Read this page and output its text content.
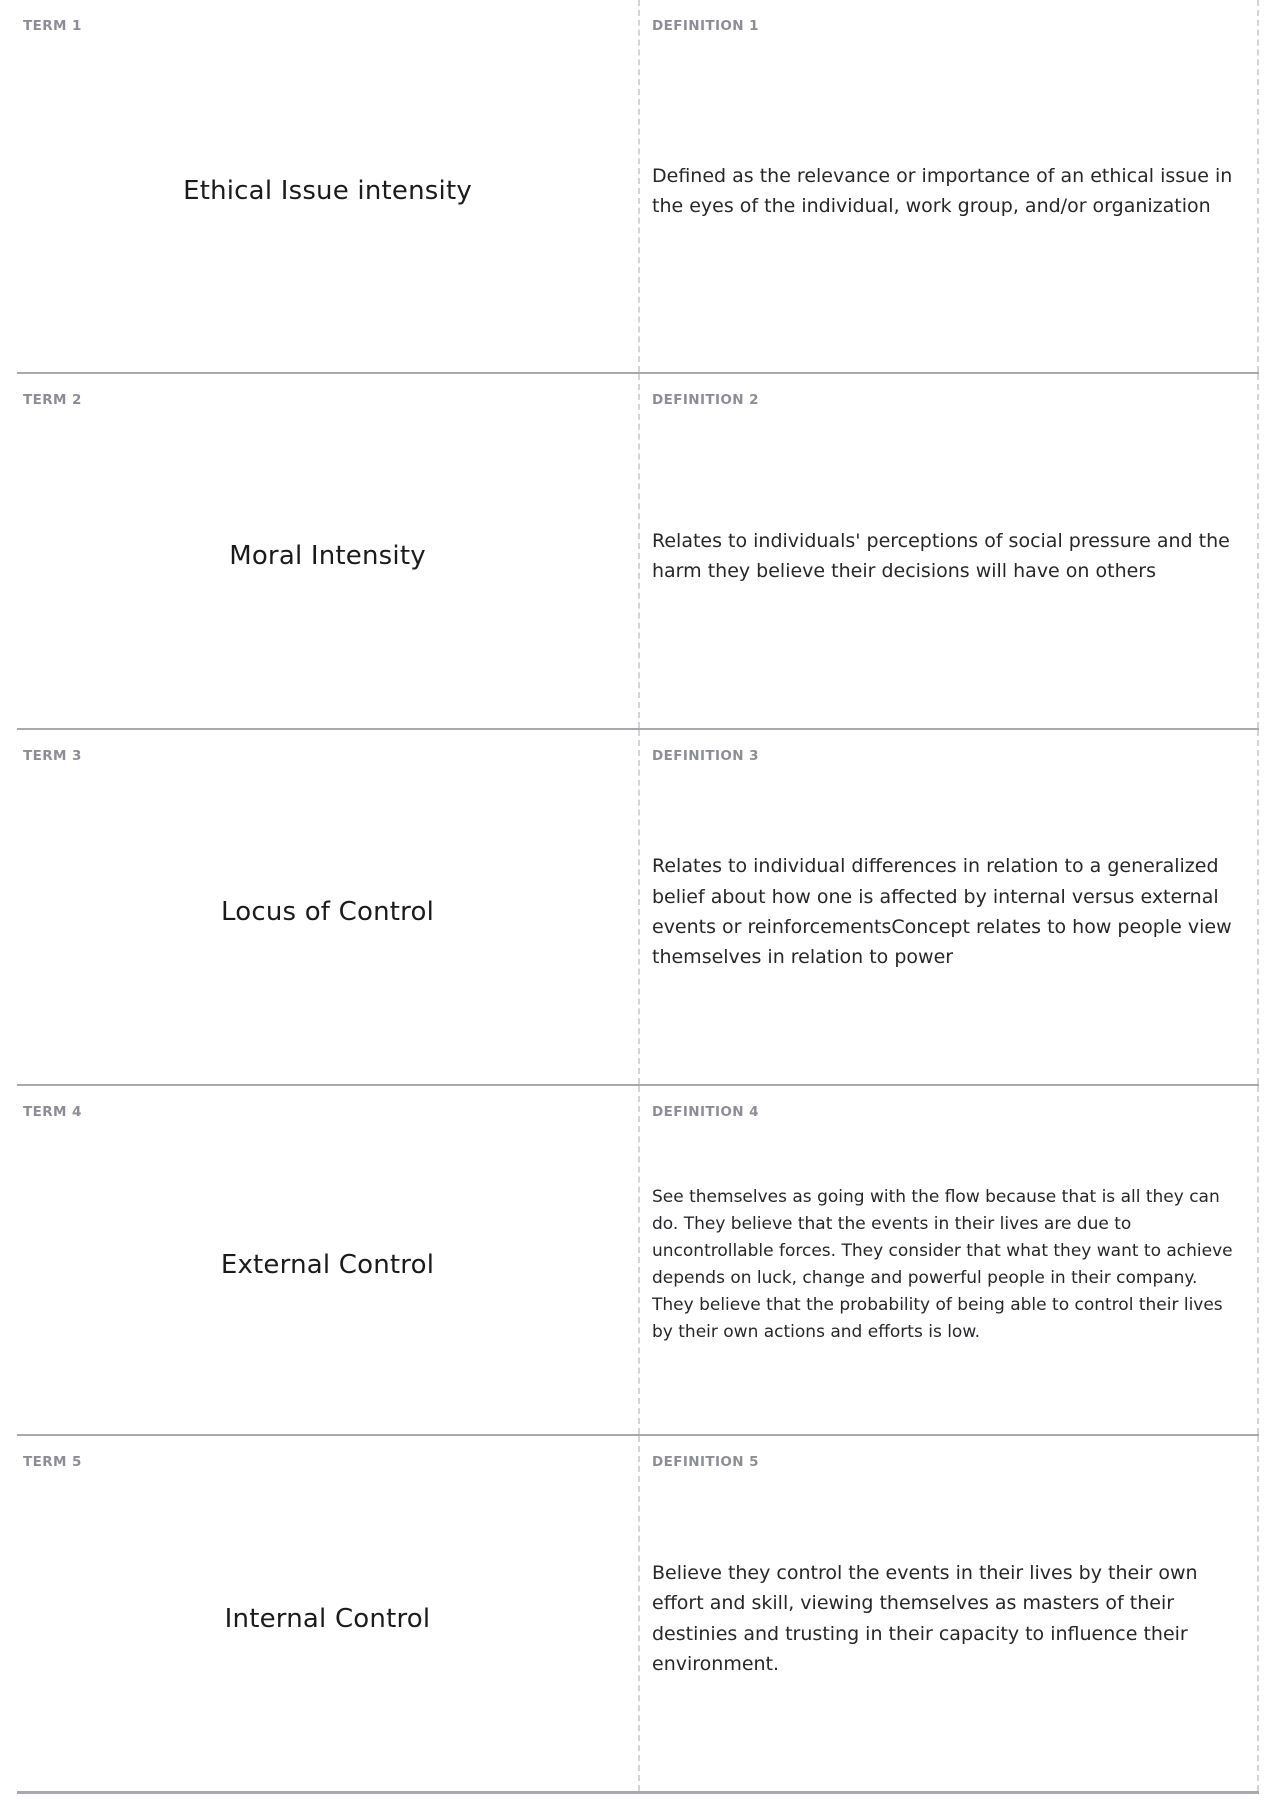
TERM 1
Ethical Issue intensity
DEFINITION 1
Defined as the relevance or importance of an ethical issue in the eyes of the individual, work group, and/or organization
TERM 2
Moral Intensity
DEFINITION 2
Relates to individuals' perceptions of social pressure and the harm they believe their decisions will have on others
TERM 3
Locus of Control
DEFINITION 3
Relates to individual differences in relation to a generalized belief about how one is affected by internal versus external events or reinforcementsConcept relates to how people view themselves in relation to power
TERM 4
External Control
DEFINITION 4
See themselves as going with the flow because that is all they can do. They believe that the events in their lives are due to uncontrollable forces. They consider that what they want to achieve depends on luck, change and powerful people in their company. They believe that the probability of being able to control their lives by their own actions and efforts is low.
TERM 5
Internal Control
DEFINITION 5
Believe they control the events in their lives by their own effort and skill, viewing themselves as masters of their destinies and trusting in their capacity to influence their environment.
